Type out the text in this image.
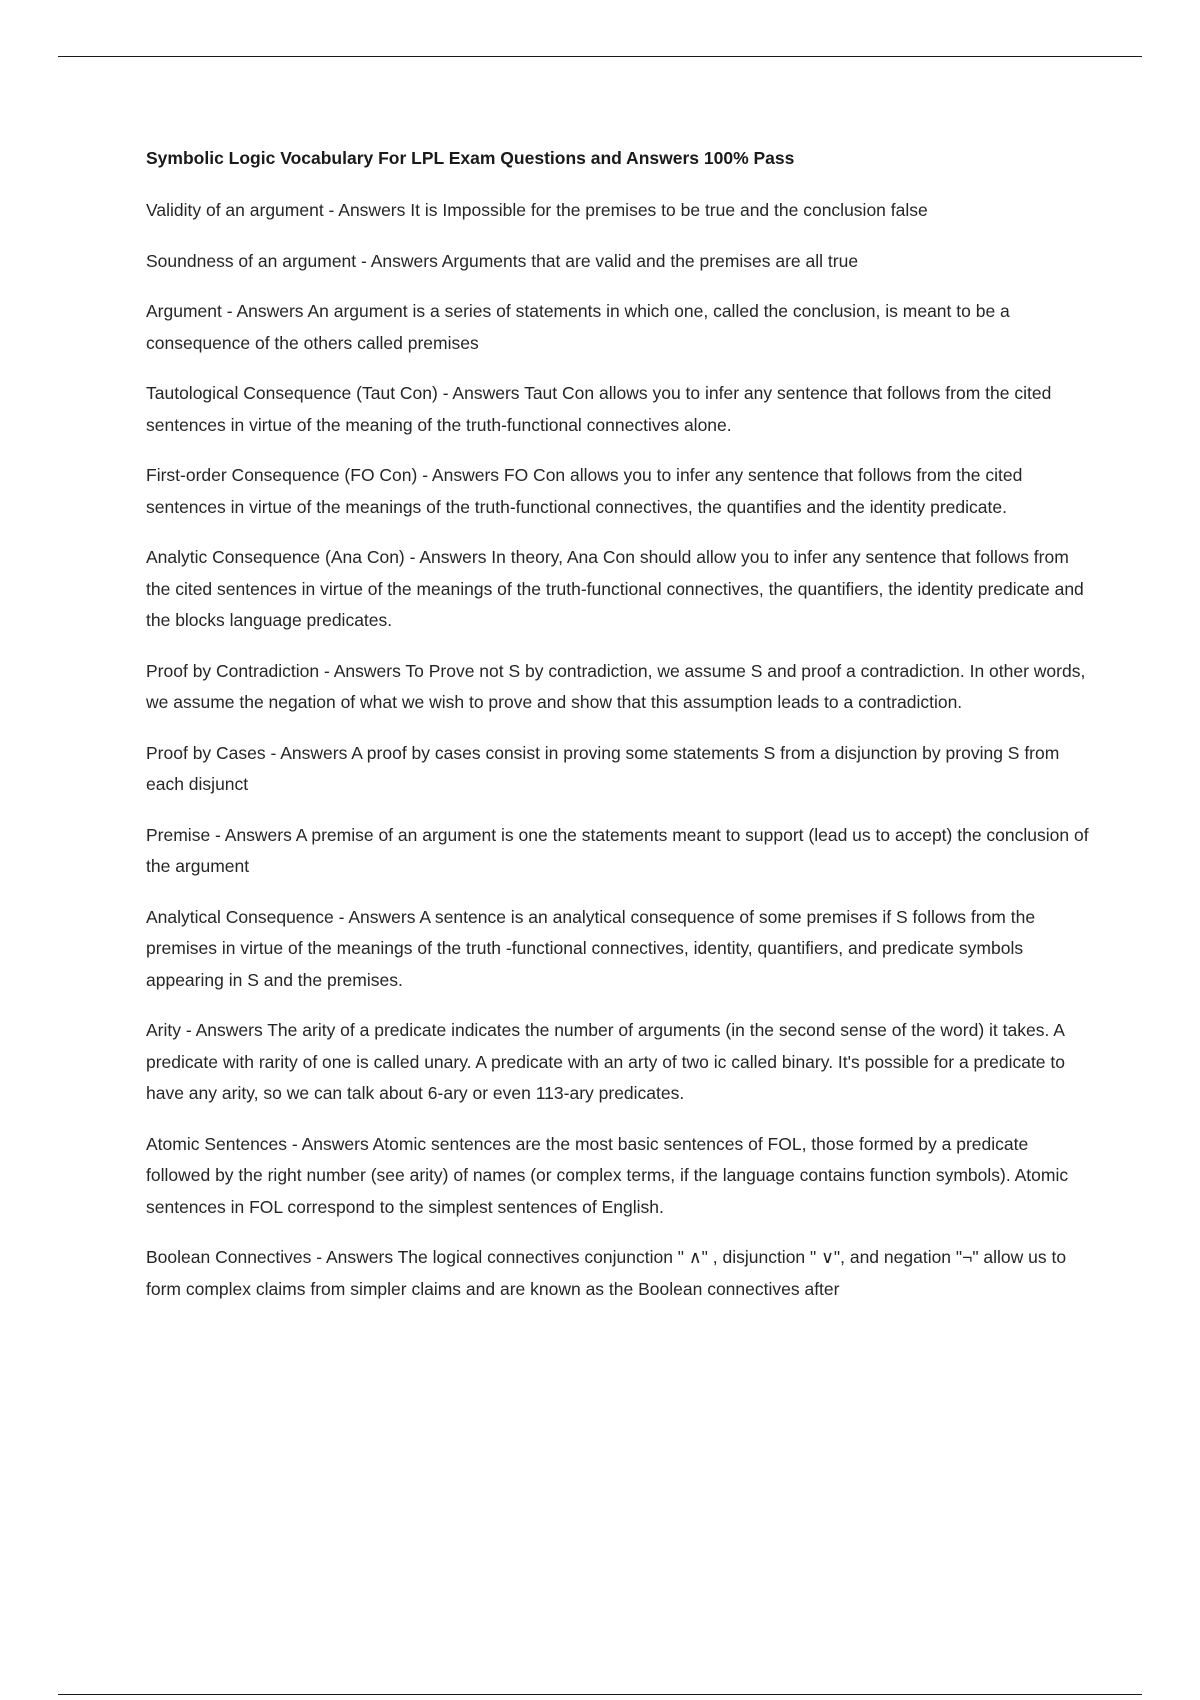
Symbolic Logic Vocabulary For LPL Exam Questions and Answers 100% Pass

Validity of an argument - Answers It is Impossible for the premises to be true and the conclusion false

Soundness of an argument - Answers Arguments that are valid and the premises are all true

Argument - Answers An argument is a series of statements in which one, called the conclusion, is meant to be a consequence of the others called premises

Tautological Consequence (Taut Con) - Answers Taut Con allows you to infer any sentence that follows from the cited sentences in virtue of the meaning of the truth-functional connectives alone.

First-order Consequence (FO Con) - Answers FO Con allows you to infer any sentence that follows from the cited sentences in virtue of the meanings of the truth-functional connectives, the quantifies and the identity predicate.

Analytic Consequence (Ana Con) - Answers In theory, Ana Con should allow you to infer any sentence that follows from the cited sentences in virtue of the meanings of the truth-functional connectives, the quantifiers, the identity predicate and the blocks language predicates.

Proof by Contradiction - Answers To Prove not S by contradiction, we assume S and proof a contradiction. In other words, we assume the negation of what we wish to prove and show that this assumption leads to a contradiction.

Proof by Cases - Answers A proof by cases consist in proving some statements S from a disjunction by proving S from each disjunct

Premise - Answers A premise of an argument is one the statements meant to support (lead us to accept) the conclusion of the argument

Analytical Consequence - Answers A sentence is an analytical consequence of some premises if S follows from the premises in virtue of the meanings of the truth -functional connectives, identity, quantifiers, and predicate symbols appearing in S and the premises.

Arity - Answers The arity of a predicate indicates the number of arguments (in the second sense of the word) it takes. A predicate with rarity of one is called unary. A predicate with an arty of two ic called binary. It's possible for a predicate to have any arity, so we can talk about 6-ary or even 113-ary predicates.

Atomic Sentences - Answers Atomic sentences are the most basic sentences of FOL, those formed by a predicate followed by the right number (see arity) of names (or complex terms, if the language contains function symbols). Atomic sentences in FOL correspond to the simplest sentences of English.

Boolean Connectives - Answers The logical connectives conjunction " ∧" , disjunction " ∨", and negation "¬" allow us to form complex claims from simpler claims and are known as the Boolean connectives after
